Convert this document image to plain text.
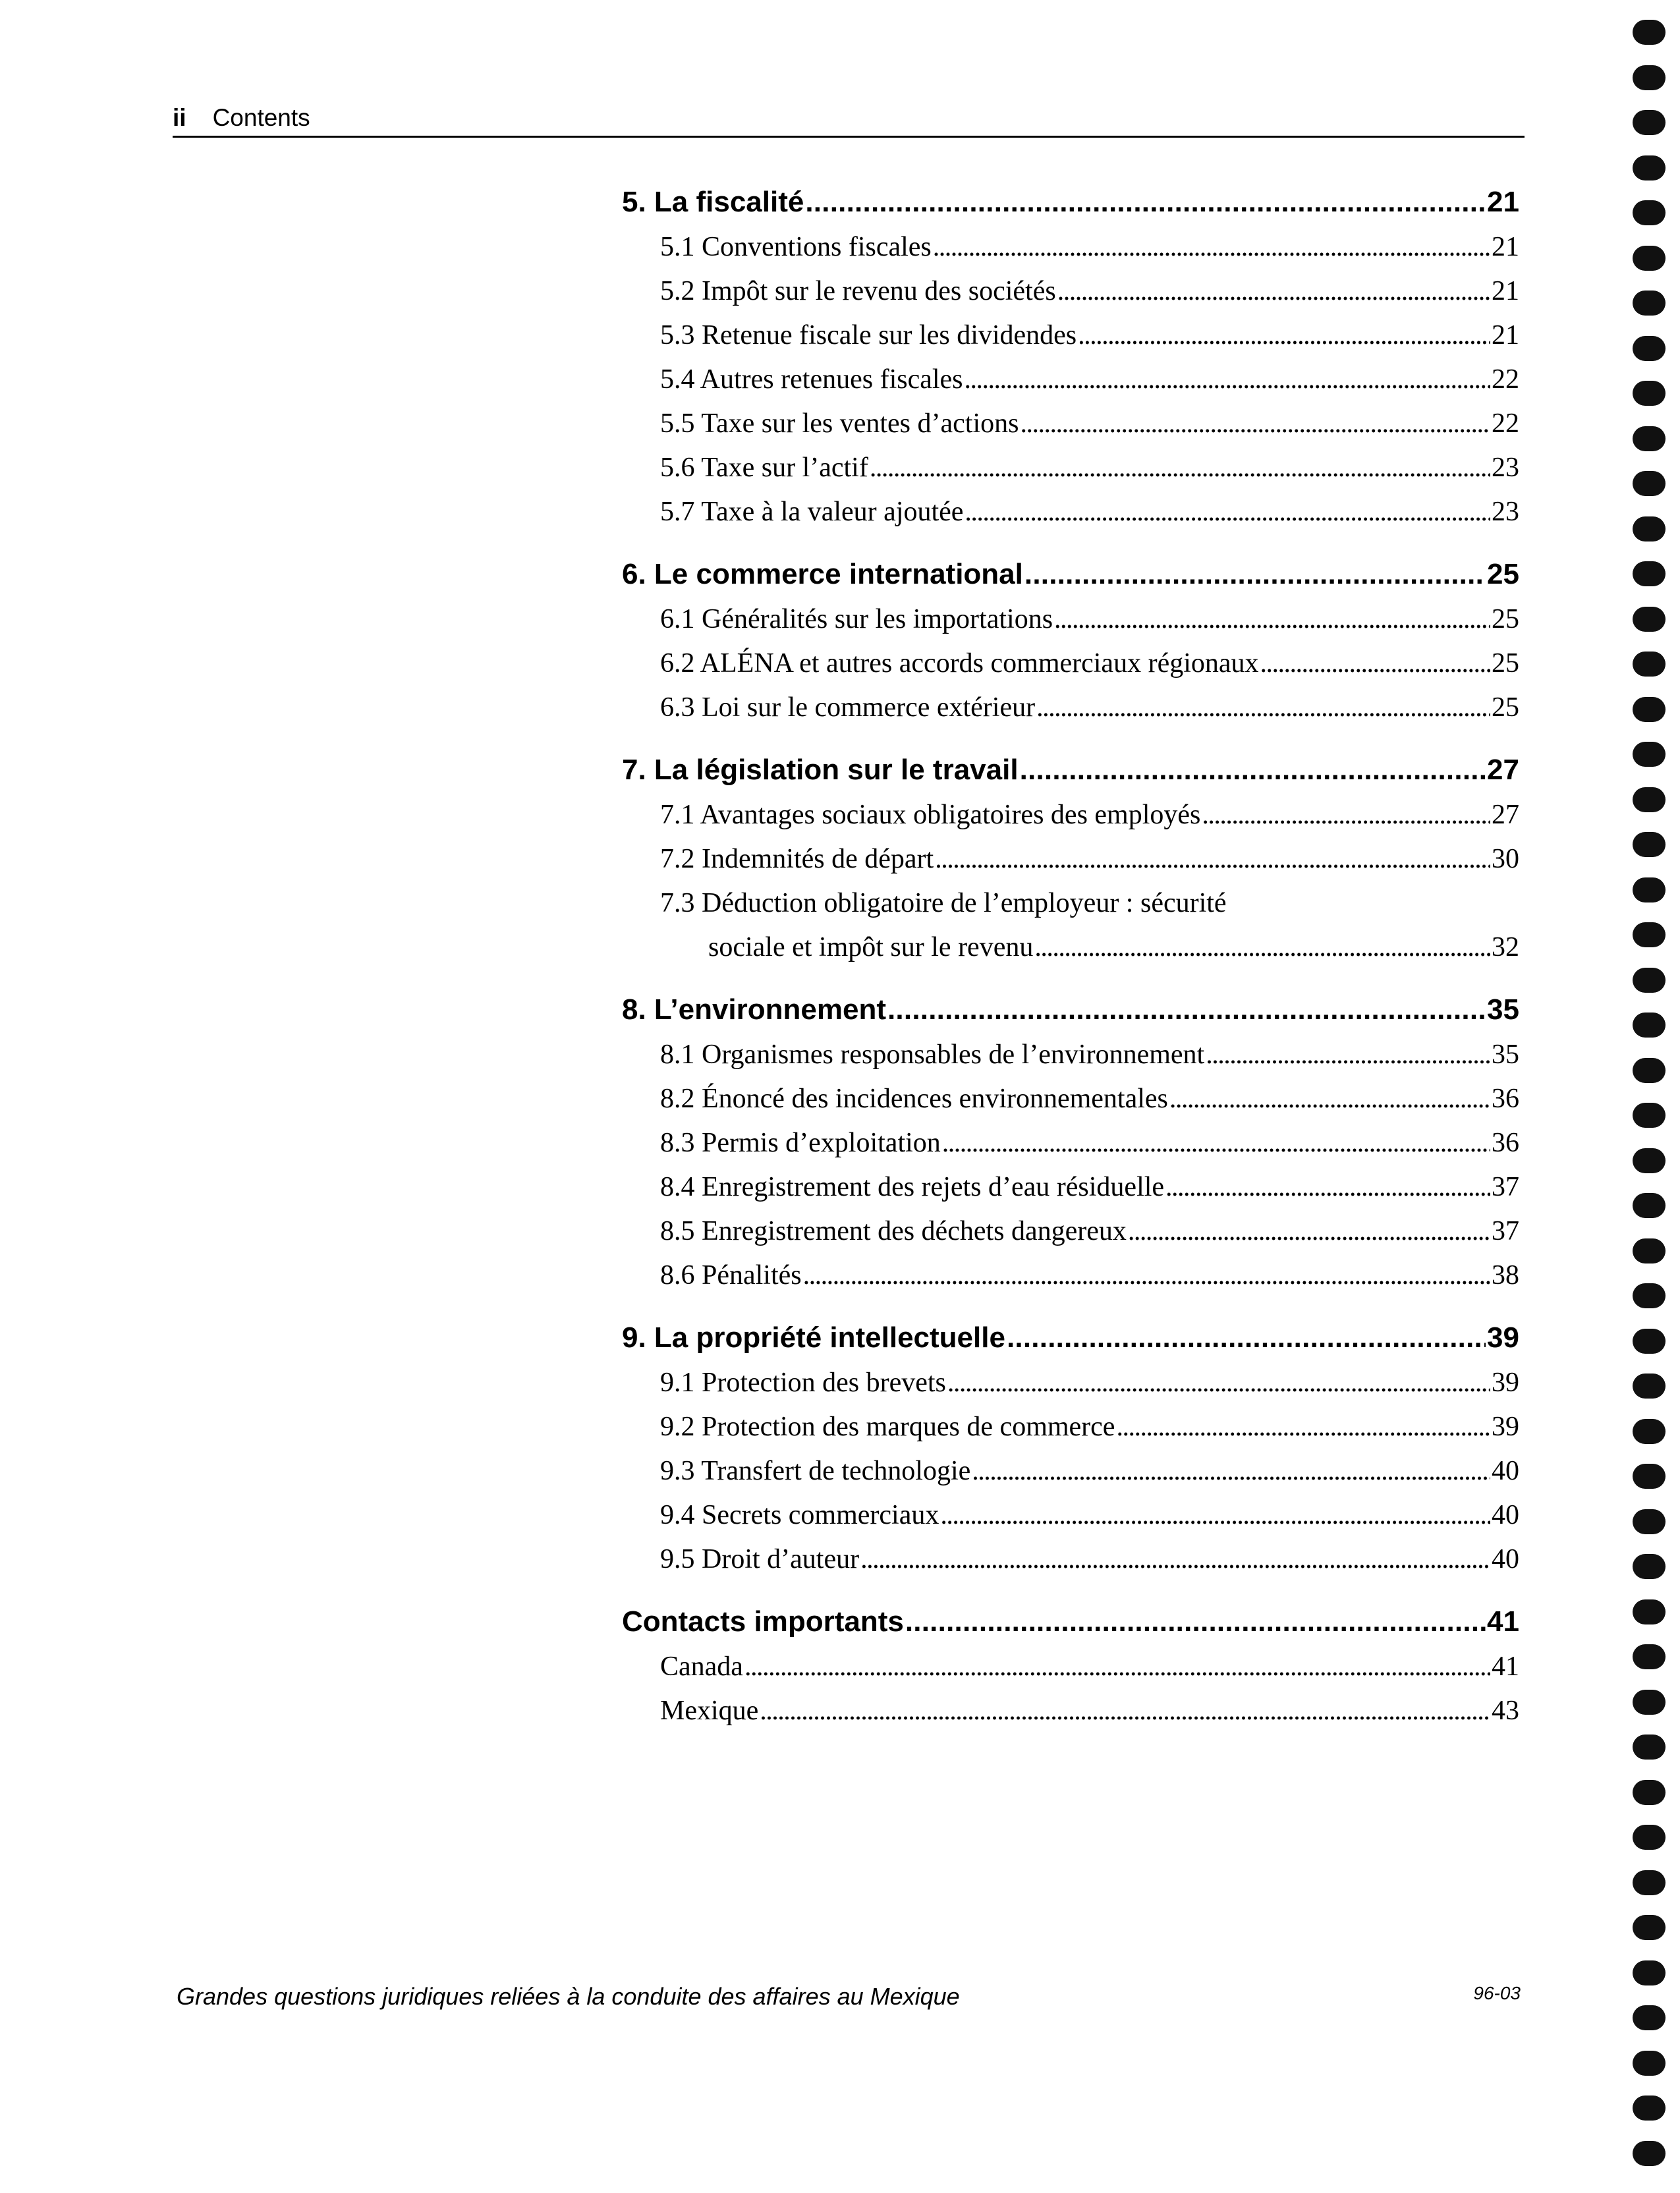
ii Contents
5. La fiscalité . . .	21
5.1 Conventions fiscales . . .	21
5.2 Impôt sur le revenu des sociétés . . .	21
5.3 Retenue fiscale sur les dividendes . . .	21
5.4 Autres retenues fiscales . . .	22
5.5 Taxe sur les ventes d’actions . . .	22
5.6 Taxe sur l’actif . . .	23
5.7 Taxe à la valeur ajoutée . . .	23
6. Le commerce international . . .	25
6.1 Généralités sur les importations . . .	25
6.2 ALÉNA et autres accords commerciaux régionaux . . .	25
6.3 Loi sur le commerce extérieur . . .	25
7. La législation sur le travail . . .	27
7.1 Avantages sociaux obligatoires des employés . . .	27
7.2 Indemnités de départ . . .	30
7.3 Déduction obligatoire de l’employeur : sécurité
sociale et impôt sur le revenu . . .	32
8. L’environnement . . .	35
8.1 Organismes responsables de l’environnement . . .	35
8.2 Énoncé des incidences environnementales . . .	36
8.3 Permis d’exploitation . . .	36
8.4 Enregistrement des rejets d’eau résiduelle . . .	37
8.5 Enregistrement des déchets dangereux . . .	37
8.6 Pénalités . . .	38
9. La propriété intellectuelle . . .	39
9.1 Protection des brevets . . .	39
9.2 Protection des marques de commerce . . .	39
9.3 Transfert de technologie . . .	40
9.4 Secrets commerciaux . . .	40
9.5 Droit d’auteur . . .	40
Contacts importants . . .	41
Canada . . .	41
Mexique . . .	43
Grandes questions juridiques reliées à la conduite des affaires au Mexique	96-03
